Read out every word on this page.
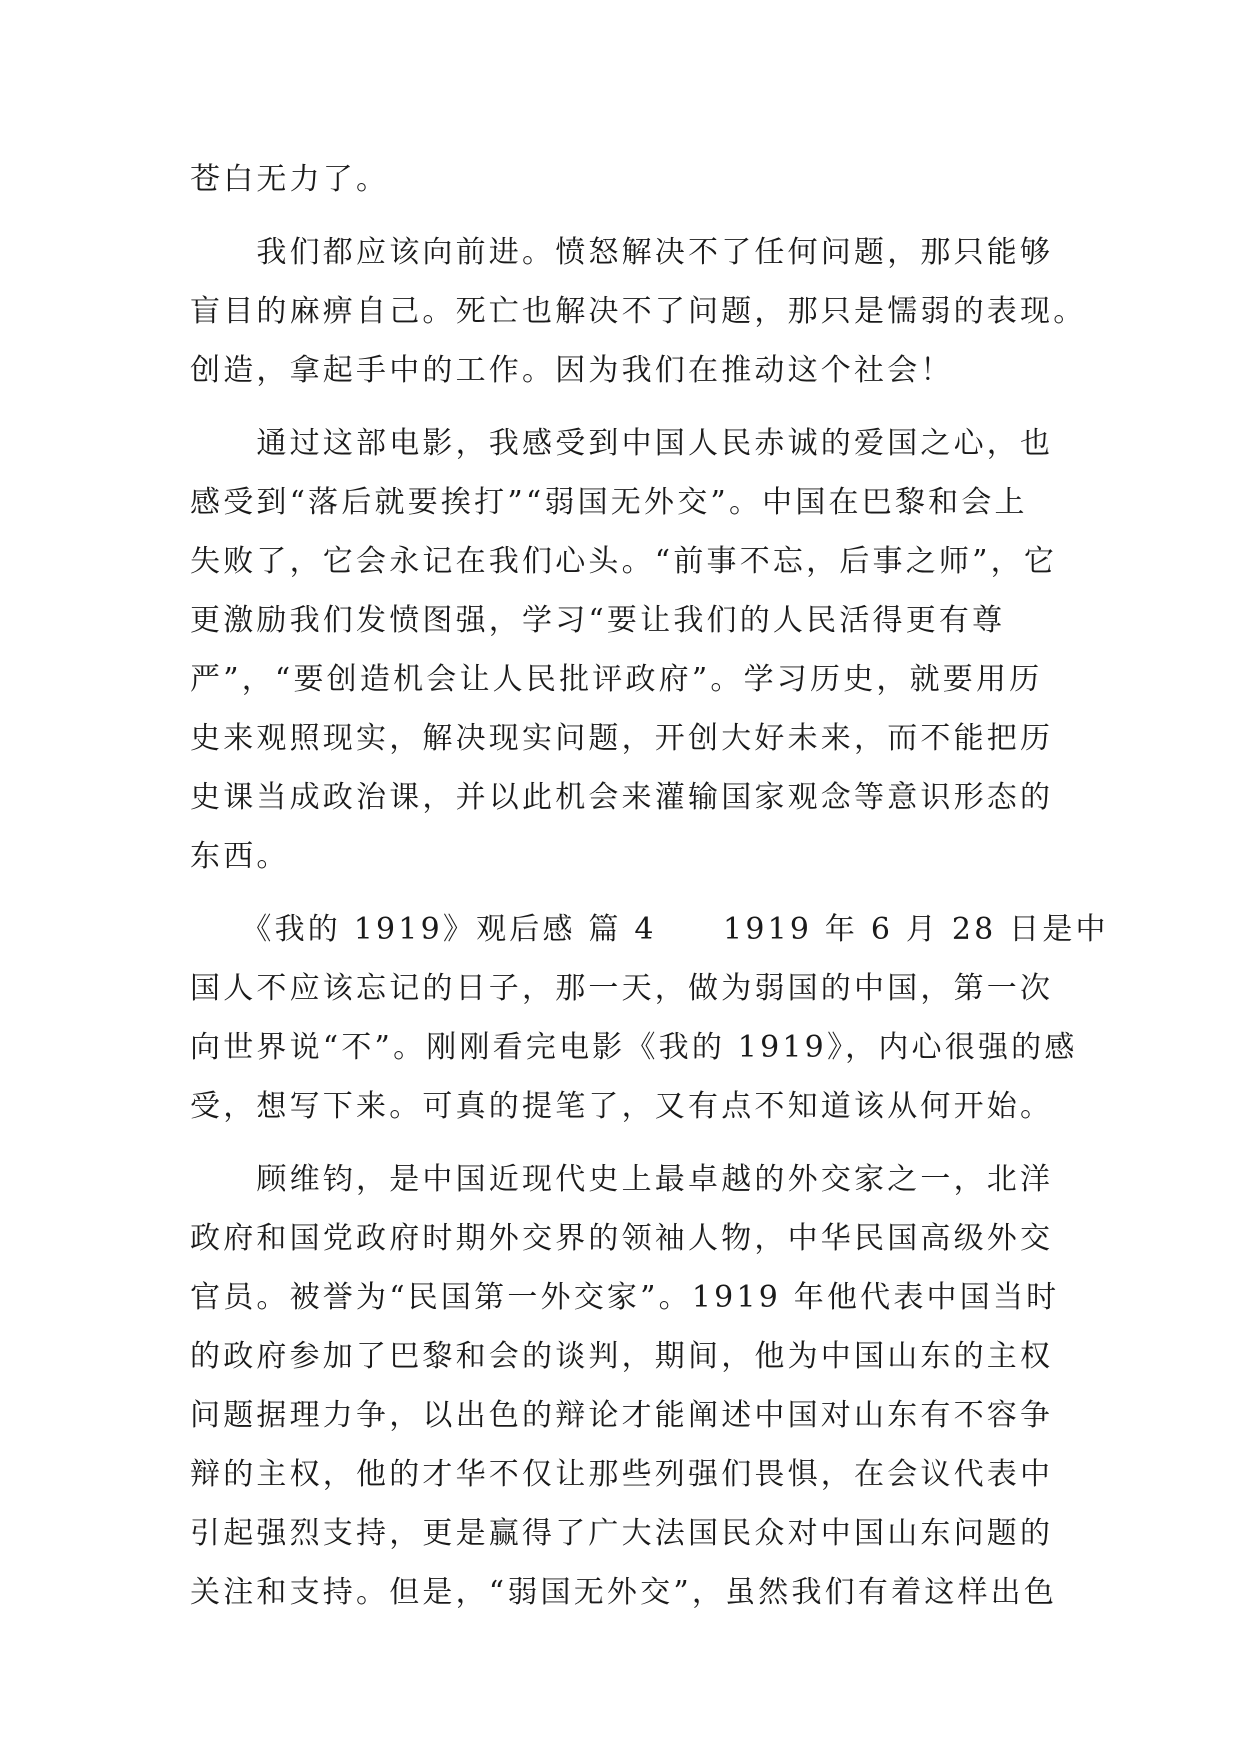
苍白无力了。
　　我们都应该向前进。愤怒解决不了任何问题，那只能够
盲目的麻痹自己。死亡也解决不了问题，那只是懦弱的表现。
创造，拿起手中的工作。因为我们在推动这个社会！
　　通过这部电影，我感受到中国人民赤诚的爱国之心，也
感受到“落后就要挨打”“弱国无外交”。中国在巴黎和会上
失败了，它会永记在我们心头。“前事不忘，后事之师”，它
更激励我们发愤图强，学习“要让我们的人民活得更有尊
严”，“要创造机会让人民批评政府”。学习历史，就要用历
史来观照现实，解决现实问题，开创大好未来，而不能把历
史课当成政治课，并以此机会来灌输国家观念等意识形态的
东西。
　　《我的 1919》观后感 篇 4　　1919 年 6 月 28 日是中
国人不应该忘记的日子，那一天，做为弱国的中国，第一次
向世界说“不”。刚刚看完电影《我的 1919》，内心很强的感
受，想写下来。可真的提笔了，又有点不知道该从何开始。
　　顾维钧，是中国近现代史上最卓越的外交家之一，北洋
政府和国党政府时期外交界的领袖人物，中华民国高级外交
官员。被誉为“民国第一外交家”。1919 年他代表中国当时
的政府参加了巴黎和会的谈判，期间，他为中国山东的主权
问题据理力争，以出色的辩论才能阐述中国对山东有不容争
辩的主权，他的才华不仅让那些列强们畏惧，在会议代表中
引起强烈支持，更是赢得了广大法国民众对中国山东问题的
关注和支持。但是，“弱国无外交”，虽然我们有着这样出色
